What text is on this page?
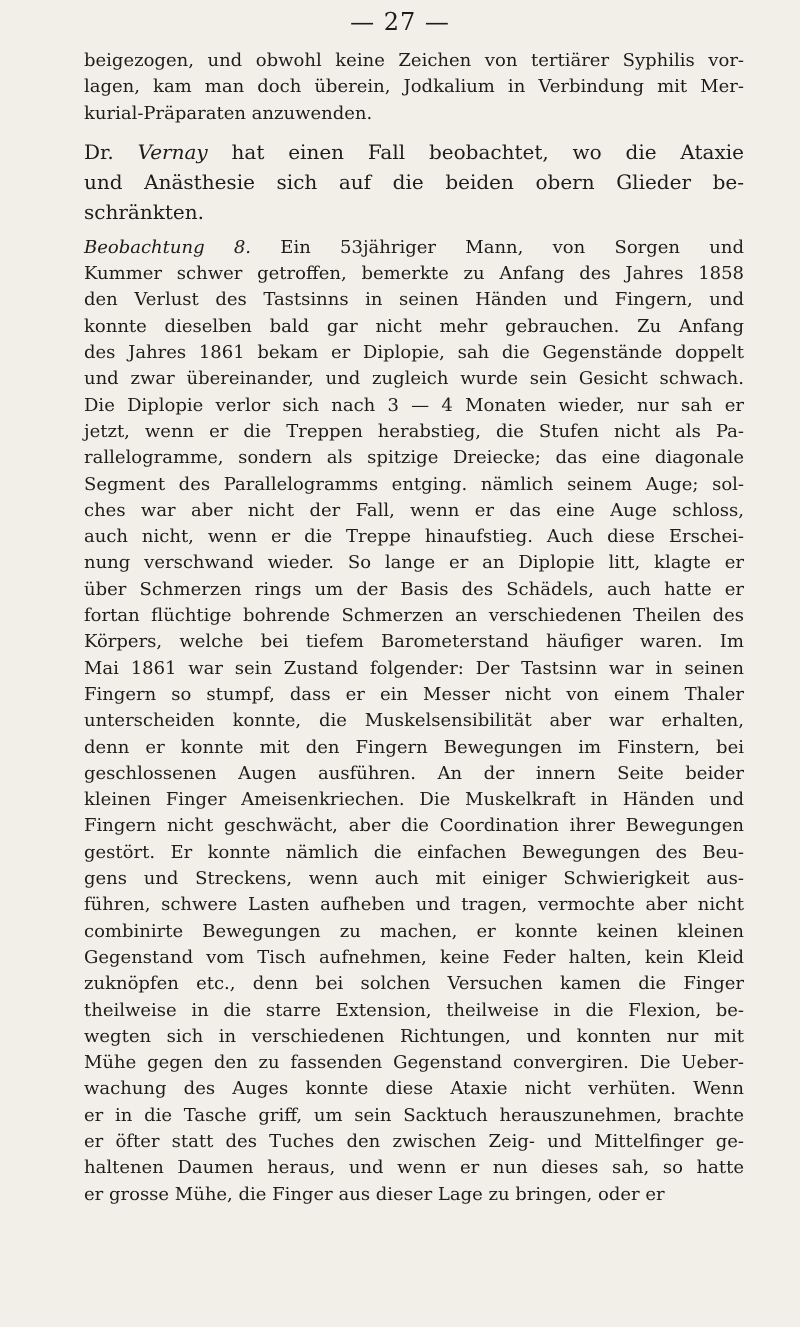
— 27 —
beigezogen, und obwohl keine Zeichen von tertiärer Syphilis vor-
lagen, kam man doch überein, Jodkalium in Verbindung mit Mer-
kurial-Präparaten anzuwenden.
Dr. Vernay hat einen Fall beobachtet, wo die Ataxie
und Anästhesie sich auf die beiden obern Glieder be-
schränkten.
Beobachtung 8. Ein 53jähriger Mann, von Sorgen und
Kummer schwer getroffen, bemerkte zu Anfang des Jahres 1858
den Verlust des Tastsinns in seinen Händen und Fingern, und
konnte dieselben bald gar nicht mehr gebrauchen. Zu Anfang
des Jahres 1861 bekam er Diplopie, sah die Gegenstände doppelt
und zwar übereinander, und zugleich wurde sein Gesicht schwach.
Die Diplopie verlor sich nach 3 — 4 Monaten wieder, nur sah er
jetzt, wenn er die Treppen herabstieg, die Stufen nicht als Pa-
rallelogramme, sondern als spitzige Dreiecke; das eine diagonale
Segment des Parallelogramms entging. nämlich seinem Auge; sol-
ches war aber nicht der Fall, wenn er das eine Auge schloss,
auch nicht, wenn er die Treppe hinaufstieg. Auch diese Erschei-
nung verschwand wieder. So lange er an Diplopie litt, klagte er
über Schmerzen rings um der Basis des Schädels, auch hatte er
fortan flüchtige bohrende Schmerzen an verschiedenen Theilen des
Körpers, welche bei tiefem Barometerstand häufiger waren. Im
Mai 1861 war sein Zustand folgender: Der Tastsinn war in seinen
Fingern so stumpf, dass er ein Messer nicht von einem Thaler
unterscheiden konnte, die Muskelsensibilität aber war erhalten,
denn er konnte mit den Fingern Bewegungen im Finstern, bei
geschlossenen Augen ausführen. An der innern Seite beider
kleinen Finger Ameisenkriechen. Die Muskelkraft in Händen und
Fingern nicht geschwächt, aber die Coordination ihrer Bewegungen
gestört. Er konnte nämlich die einfachen Bewegungen des Beu-
gens und Streckens, wenn auch mit einiger Schwierigkeit aus-
führen, schwere Lasten aufheben und tragen, vermochte aber nicht
combinirte Bewegungen zu machen, er konnte keinen kleinen
Gegenstand vom Tisch aufnehmen, keine Feder halten, kein Kleid
zuknöpfen etc., denn bei solchen Versuchen kamen die Finger
theilweise in die starre Extension, theilweise in die Flexion, be-
wegten sich in verschiedenen Richtungen, und konnten nur mit
Mühe gegen den zu fassenden Gegenstand convergiren. Die Ueber-
wachung des Auges konnte diese Ataxie nicht verhüten. Wenn
er in die Tasche griff, um sein Sacktuch herauszunehmen, brachte
er öfter statt des Tuches den zwischen Zeig- und Mittelfinger ge-
haltenen Daumen heraus, und wenn er nun dieses sah, so hatte
er grosse Mühe, die Finger aus dieser Lage zu bringen, oder er
